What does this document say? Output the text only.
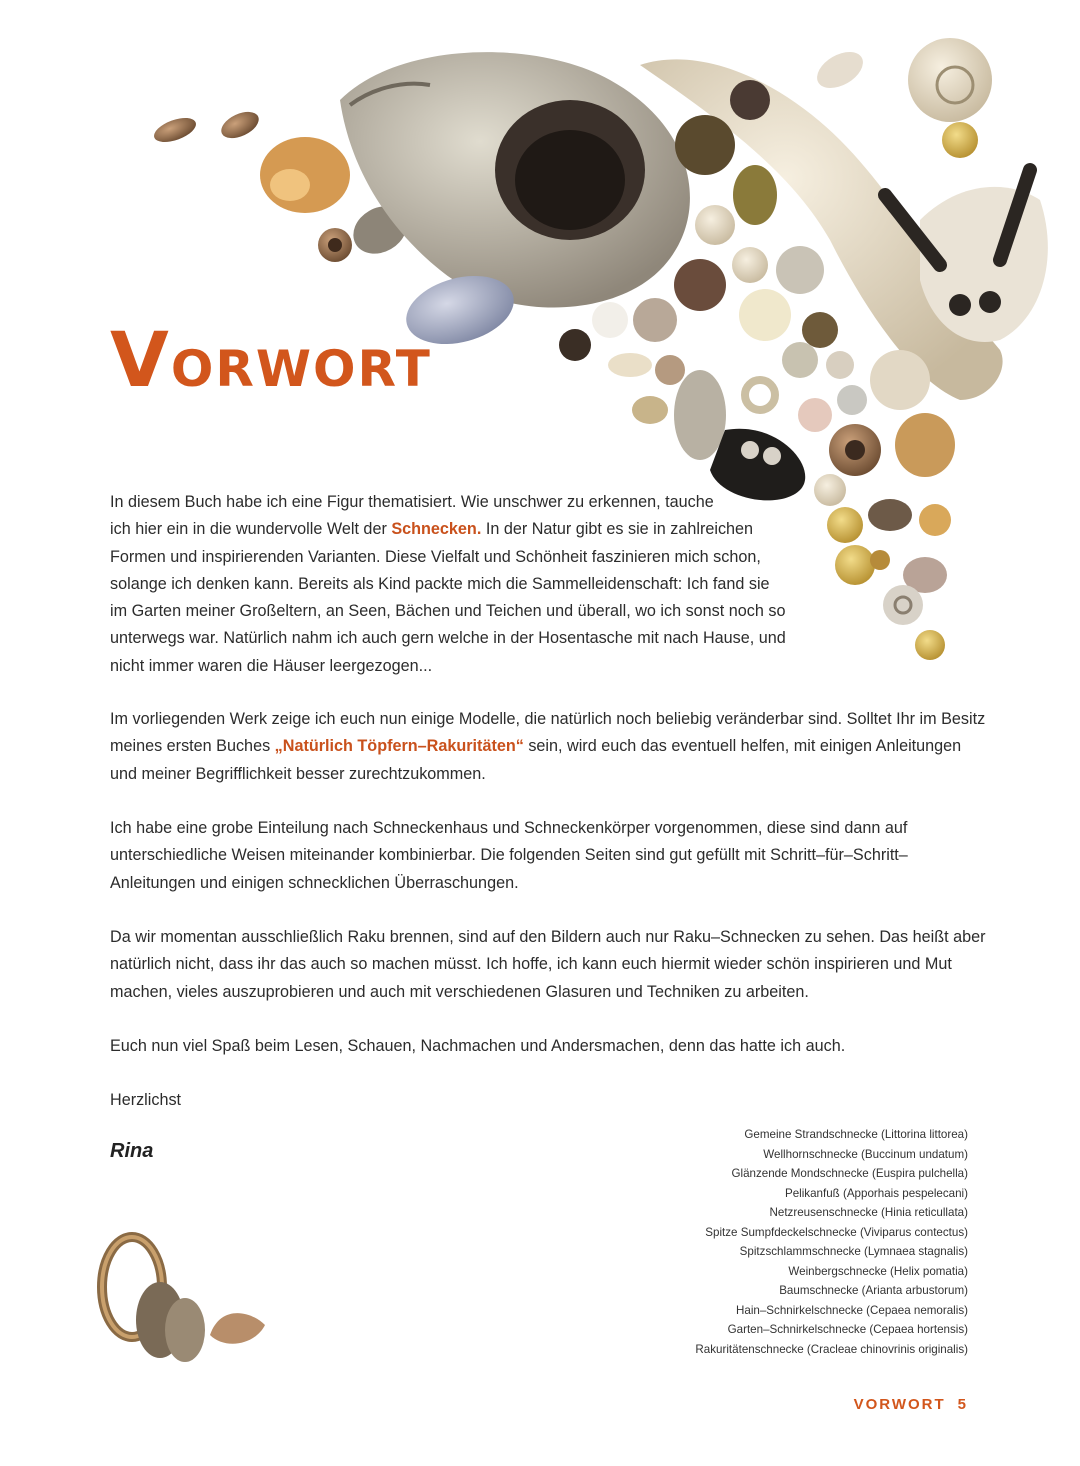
VORWORT
In diesem Buch habe ich eine Figur thematisiert. Wie unschwer zu erkennen, tauche
ich hier ein in die wundervolle Welt der Schnecken. In der Natur gibt es sie in zahlreichen
Formen und inspirierenden Varianten. Diese Vielfalt und Schönheit faszinieren mich schon,
solange ich denken kann. Bereits als Kind packte mich die Sammelleidenschaft: Ich fand sie
im Garten meiner Großeltern, an Seen, Bächen und Teichen und überall, wo ich sonst noch so
unterwegs war. Natürlich nahm ich auch gern welche in der Hosentasche mit nach Hause, und
nicht immer waren die Häuser leergezogen...
Im vorliegenden Werk zeige ich euch nun einige Modelle, die natürlich noch beliebig veränderbar sind. Solltet Ihr im Besitz
meines ersten Buches „Natürlich Töpfern–Rakuritäten“ sein, wird euch das eventuell helfen, mit einigen Anleitungen
und meiner Begrifflichkeit besser zurechtzukommen.
Ich habe eine grobe Einteilung nach Schneckenhaus und Schneckenkörper vorgenommen, diese sind dann auf
unterschiedliche Weisen miteinander kombinierbar. Die folgenden Seiten sind gut gefüllt mit Schritt–für–Schritt–
Anleitungen und einigen schnecklichen Überraschungen.
Da wir momentan ausschließlich Raku brennen, sind auf den Bildern auch nur Raku–Schnecken zu sehen. Das heißt aber
natürlich nicht, dass ihr das auch so machen müsst. Ich hoffe, ich kann euch hiermit wieder schön inspirieren und Mut
machen, vieles auszuprobieren und auch mit verschiedenen Glasuren und Techniken zu arbeiten.
Euch nun viel Spaß beim Lesen, Schauen, Nachmachen und Andersmachen, denn das hatte ich auch.
Herzlichst

Rina

Gemeine Strandschnecke (Littorina littorea)
Wellhornschnecke (Buccinum undatum)
Glänzende Mondschnecke (Euspira pulchella)
Pelikanfuß (Apporhais pespelecani)
Netzreusenschnecke (Hinia reticullata)
Spitze Sumpfdeckelschnecke (Viviparus contectus)
Spitzschlammschnecke (Lymnaea stagnalis)
Weinbergschnecke (Helix pomatia)
Baumschnecke (Arianta arbustorum)
Hain–Schnirkelschnecke (Cepaea nemoralis)
Garten–Schnirkelschnecke (Cepaea hortensis)
Rakuritätenschnecke (Cracleae chinovrinis originalis)
VORWORT 5
